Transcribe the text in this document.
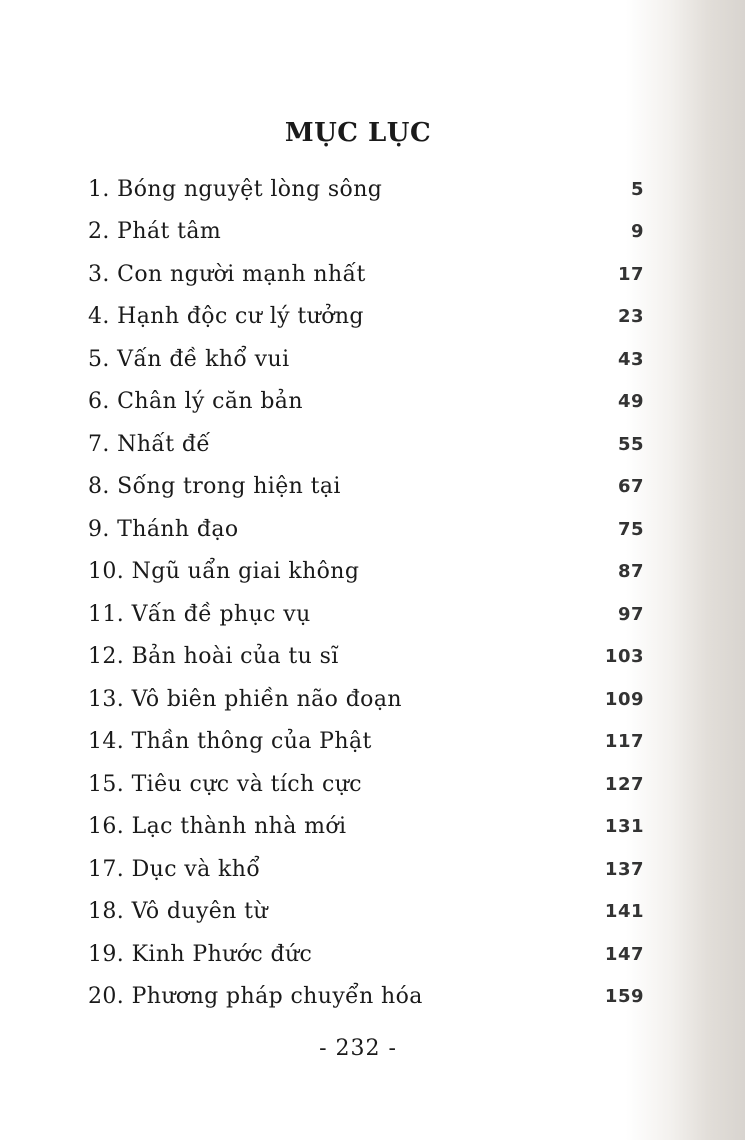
MỤC LỤC
1. Bóng nguyệt lòng sông	5
2. Phát tâm	9
3. Con người mạnh nhất	17
4. Hạnh độc cư lý tưởng	23
5. Vấn đề khổ vui	43
6. Chân lý căn bản	49
7. Nhất đế	55
8. Sống trong hiện tại	67
9. Thánh đạo	75
10. Ngũ uẩn giai không	87
11. Vấn đề phục vụ	97
12. Bản hoài của tu sĩ	103
13. Vô biên phiền não đoạn	109
14. Thần thông của Phật	117
15. Tiêu cực và tích cực	127
16. Lạc thành nhà mới	131
17. Dục và khổ	137
18. Vô duyên từ	141
19. Kinh Phước đức	147
20. Phương pháp chuyển hóa	159
- 232 -
